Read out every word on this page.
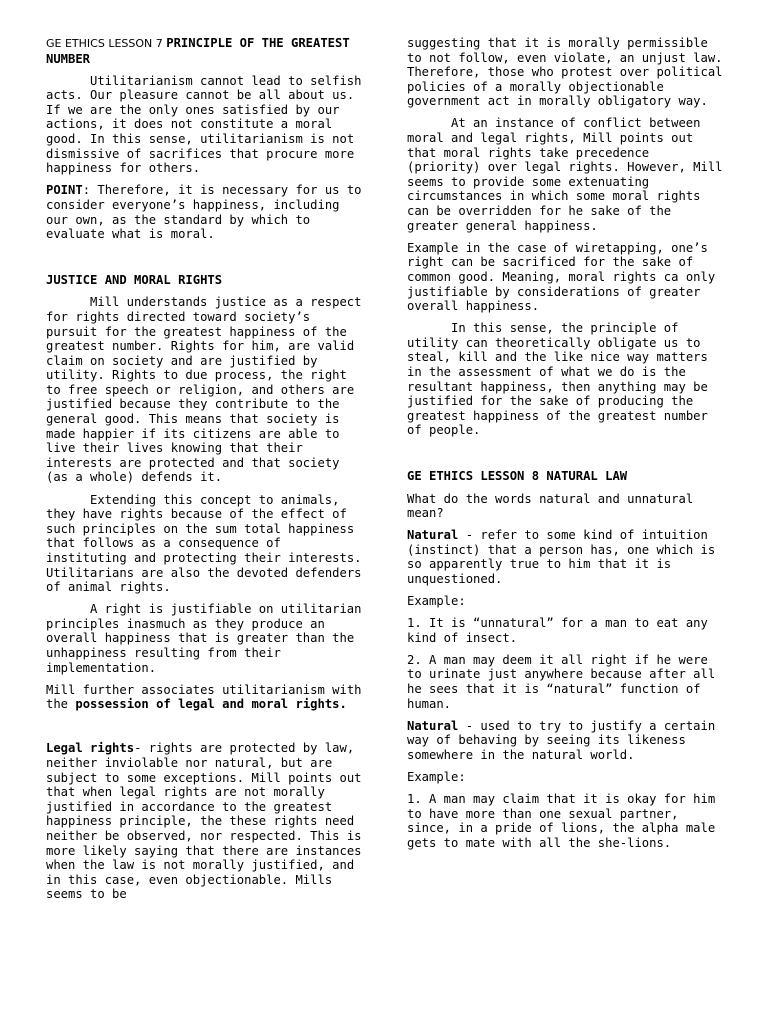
GE ETHICS LESSON 7 PRINCIPLE OF THE GREATEST NUMBER

Utilitarianism cannot lead to selfish acts. Our pleasure cannot be all about us. If we are the only ones satisfied by our actions, it does not constitute a moral good. In this sense, utilitarianism is not dismissive of sacrifices that procure more happiness for others.

POINT: Therefore, it is necessary for us to consider everyone’s happiness, including our own, as the standard by which to evaluate what is moral.

JUSTICE AND MORAL RIGHTS

Mill understands justice as a respect for rights directed toward society’s pursuit for the greatest happiness of the greatest number. Rights for him, are valid claim on society and are justified by utility. Rights to due process, the right to free speech or religion, and others are justified because they contribute to the general good. This means that society is made happier if its citizens are able to live their lives knowing that their interests are protected and that society (as a whole) defends it.

Extending this concept to animals, they have rights because of the effect of such principles on the sum total happiness that follows as a consequence of instituting and protecting their interests. Utilitarians are also the devoted defenders of animal rights.

A right is justifiable on utilitarian principles inasmuch as they produce an overall happiness that is greater than the unhappiness resulting from their implementation.

Mill further associates utilitarianism with the possession of legal and moral rights.

Legal rights- rights are protected by law, neither inviolable nor natural, but are subject to some exceptions. Mill points out that when legal rights are not morally justified in accordance to the greatest happiness principle, the these rights need neither be observed, nor respected. This is more likely saying that there are instances when the law is not morally justified, and in this case, even objectionable. Mills seems to be

suggesting that it is morally permissible to not follow, even violate, an unjust law. Therefore, those who protest over political policies of a morally objectionable government act in morally obligatory way.

At an instance of conflict between moral and legal rights, Mill points out that moral rights take precedence (priority) over legal rights. However, Mill seems to provide some extenuating circumstances in which some moral rights can be overridden for he sake of the greater general happiness.

Example in the case of wiretapping, one’s right can be sacrificed for the sake of common good. Meaning, moral rights ca only justifiable by considerations of greater overall happiness.

In this sense, the principle of utility can theoretically obligate us to steal, kill and the like nice way matters in the assessment of what we do is the resultant happiness, then anything may be justified for the sake of producing the greatest happiness of the greatest number of people.

GE ETHICS LESSON 8 NATURAL LAW

What do the words natural and unnatural mean?

Natural - refer to some kind of intuition (instinct) that a person has, one which is so apparently true to him that it is unquestioned.

Example:

1. It is “unnatural” for a man to eat any kind of insect.

2. A man may deem it all right if he were to urinate just anywhere because after all he sees that it is “natural” function of human.

Natural - used to try to justify a certain way of behaving by seeing its likeness somewhere in the natural world.

Example:

1. A man may claim that it is okay for him to have more than one sexual partner, since, in a pride of lions, the alpha male gets to mate with all the she-lions.
